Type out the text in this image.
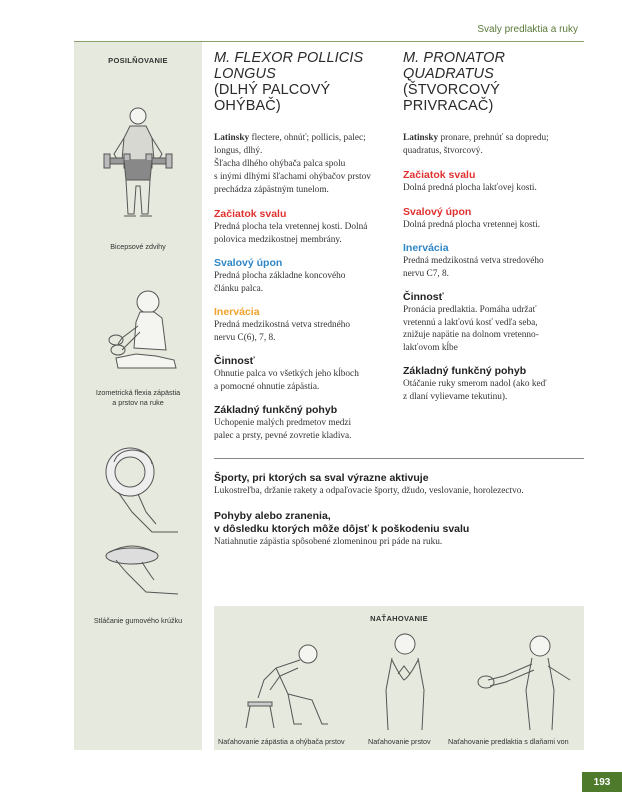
Svaly predlaktia a ruky
POSILŇOVANIE
Bicepsové zdvihy
Izometrická flexia zápästia
a prstov na ruke
Stláčanie gumového krúžku
M. FLEXOR POLLICIS LONGUS
(DLHÝ PALCOVÝ OHÝBAČ)
Latinsky flectere, ohnúť; pollicis, palec;
longus, dlhý.
Šľacha dlhého ohýbača palca spolu
s inými dlhými šľachami ohýbačov prstov
prechádza zápästným tunelom.
Začiatok svalu
Predná plocha tela vretennej kosti. Dolná
polovica medzikostnej membrány.
Svalový úpon
Predná plocha základne koncového
článku palca.
Inervácia
Predná medzikostná vetva stredného
nervu C(6), 7, 8.
Činnosť
Ohnutie palca vo všetkých jeho kĺboch
a pomocné ohnutie zápästia.
Základný funkčný pohyb
Uchopenie malých predmetov medzi
palec a prsty, pevné zovretie kladiva.
M. PRONATOR QUADRATUS
(ŠTVORCOVÝ PRIVRACAČ)
Latinsky pronare, prehnúť sa dopredu;
quadratus, štvorcový.
Začiatok svalu
Dolná predná plocha lakťovej kosti.
Svalový úpon
Dolná predná plocha vretennej kosti.
Inervácia
Predná medzikostná vetva stredového
nervu C7, 8.
Činnosť
Pronácia predlaktia. Pomáha udržať
vretennú a lakťovú kosť vedľa seba,
znižuje napätie na dolnom vretenno-
lakťovom kĺbe
Základný funkčný pohyb
Otáčanie ruky smerom nadol (ako keď
z dlaní vylievame tekutinu).
Športy, pri ktorých sa sval výrazne aktivuje
Lukostreľba, držanie rakety a odpaľovacie športy, džudo, veslovanie, horolezectvo.
Pohyby alebo zranenia,
v dôsledku ktorých môže dôjsť k poškodeniu svalu
Natiahnutie zápästia spôsobené zlomeninou pri páde na ruku.
NAŤAHOVANIE
Naťahovanie zápästia a ohýbača prstov	Naťahovanie prstov Naťahovanie predlaktia s dlaňami von
193
